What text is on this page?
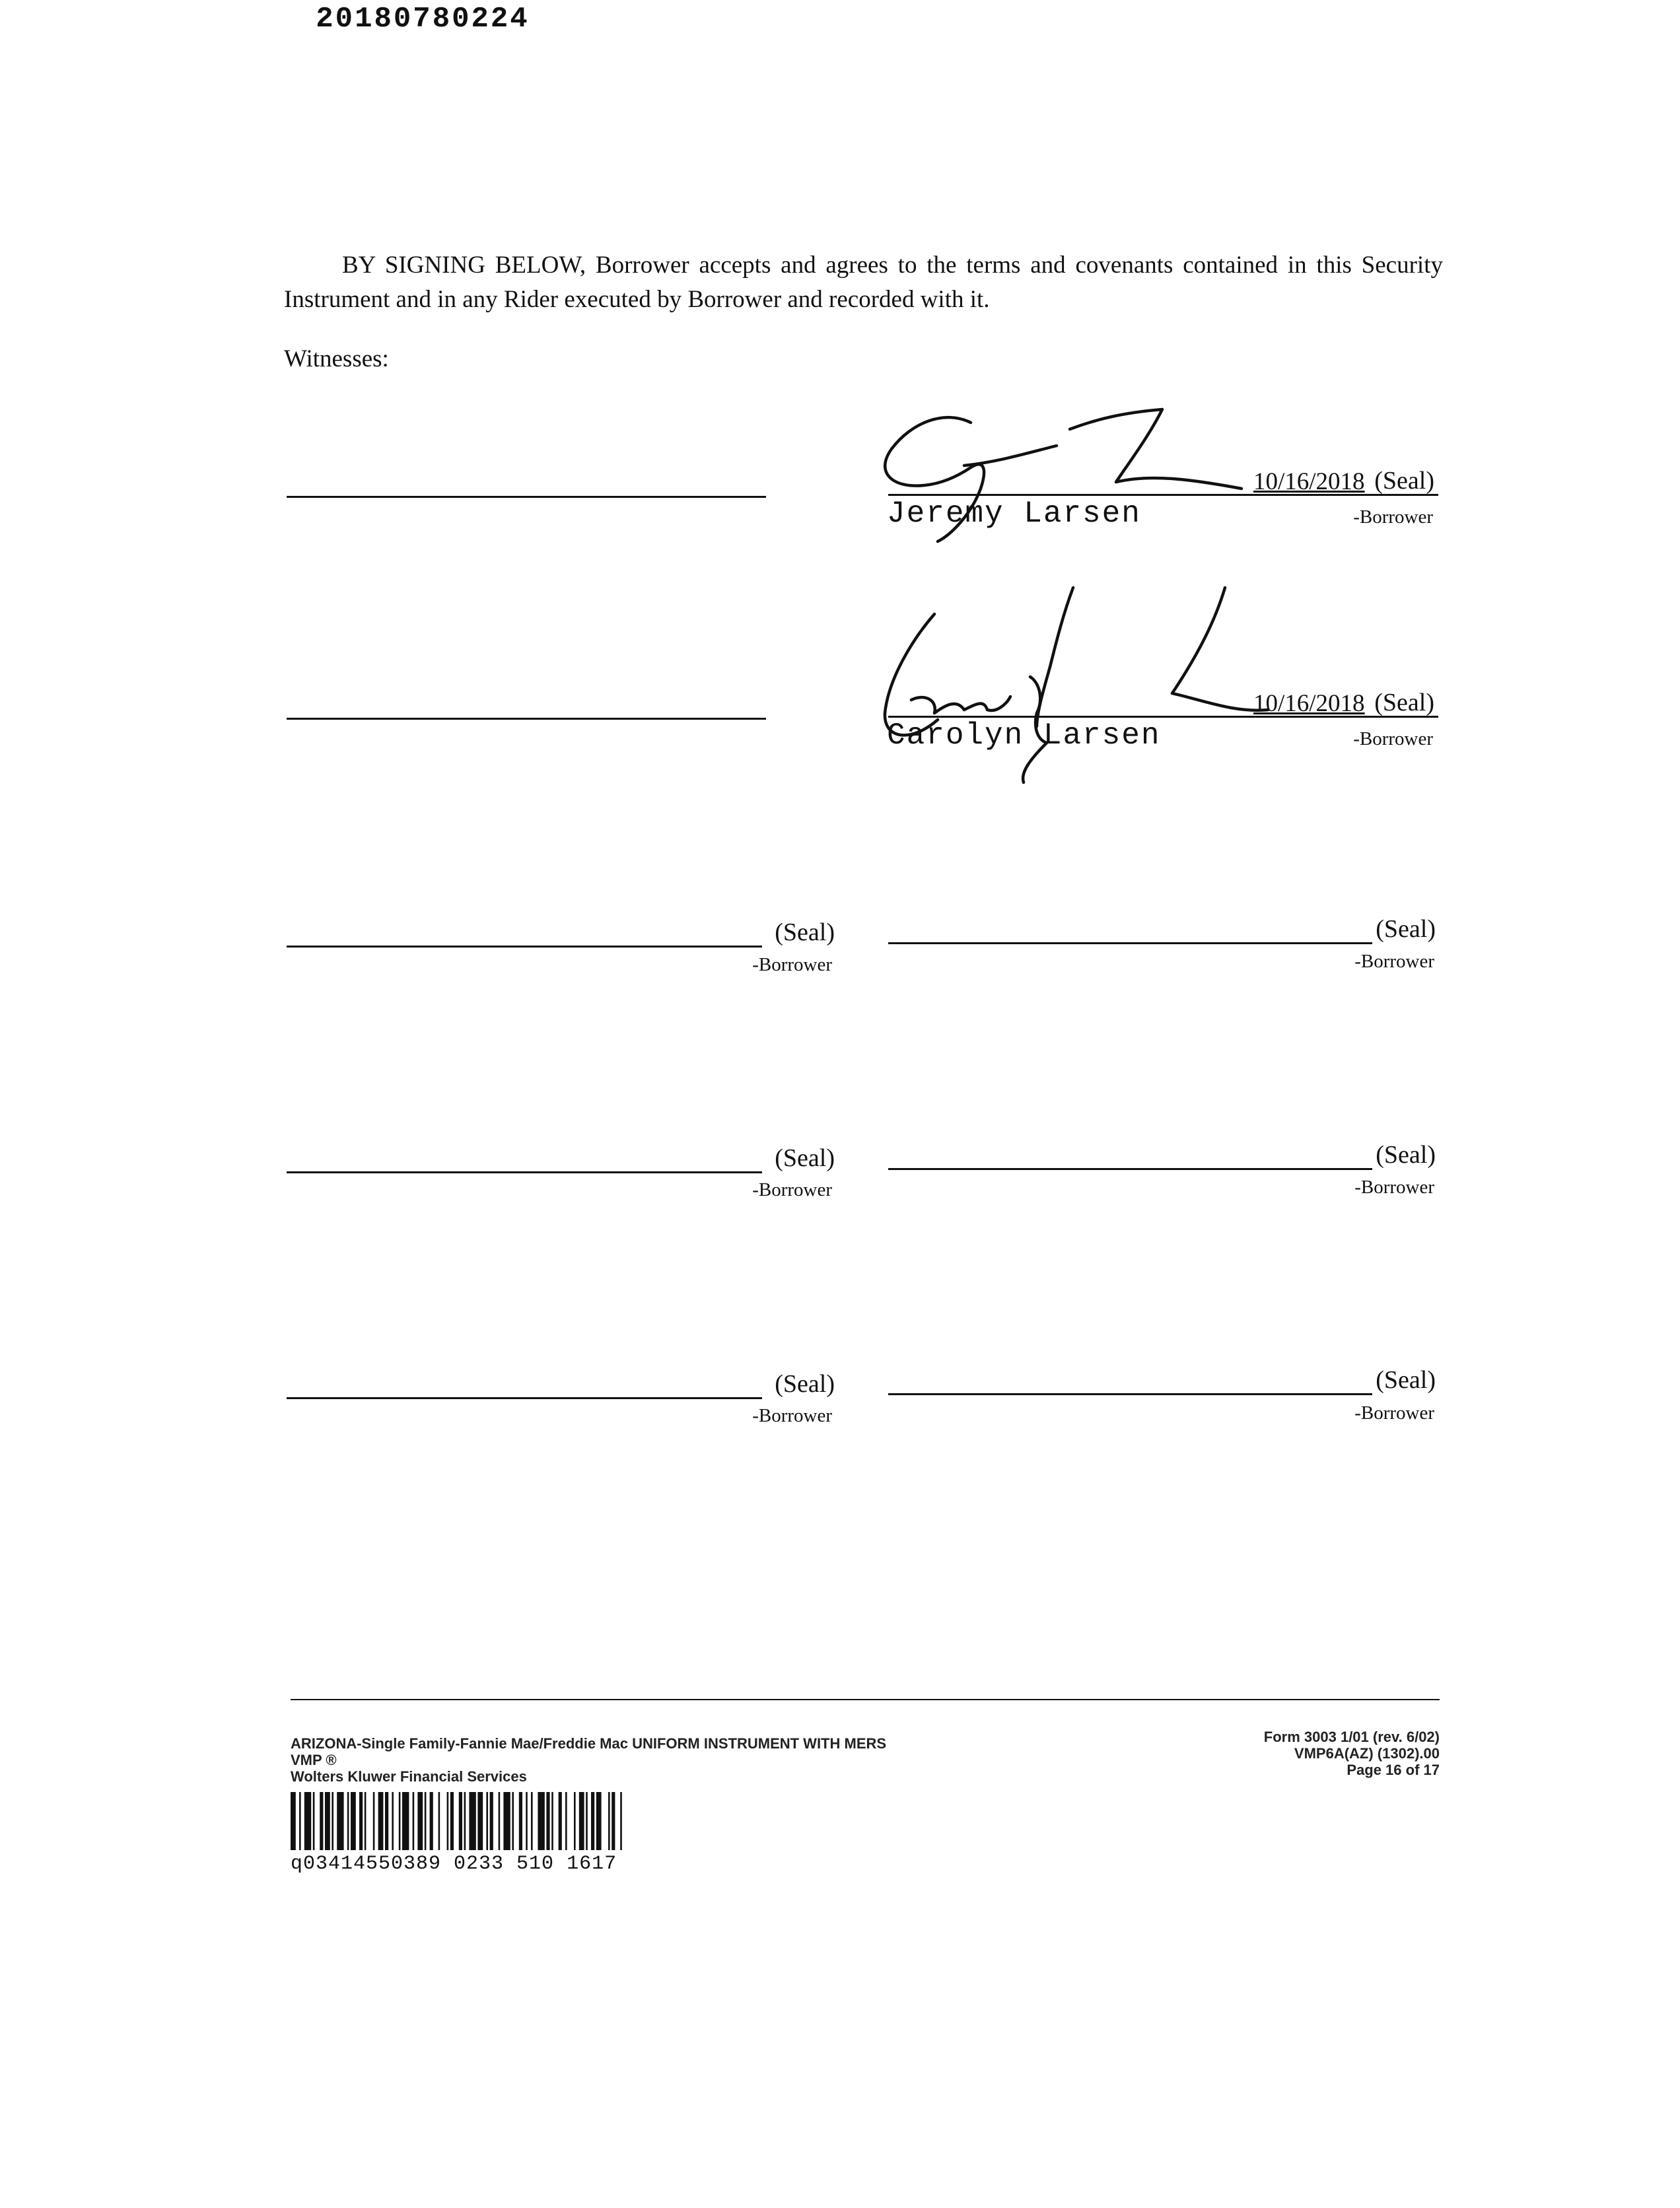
20180780224
BY SIGNING BELOW, Borrower accepts and agrees to the terms and covenants contained in this Security Instrument and in any Rider executed by Borrower and recorded with it.
Witnesses:
Jeremy Larsen
10/16/2018 (Seal)
-Borrower
Carolyn Larsen
10/16/2018 (Seal)
-Borrower
(Seal)
-Borrower
(Seal)
-Borrower
(Seal)
-Borrower
(Seal)
-Borrower
(Seal)
-Borrower
(Seal)
-Borrower
ARIZONA-Single Family-Fannie Mae/Freddie Mac UNIFORM INSTRUMENT WITH MERS
VMP ®
Wolters Kluwer Financial Services
Form 3003 1/01 (rev. 6/02)
VMP6A(AZ) (1302).00
Page 16 of 17
q03414550389 0233 510 1617
